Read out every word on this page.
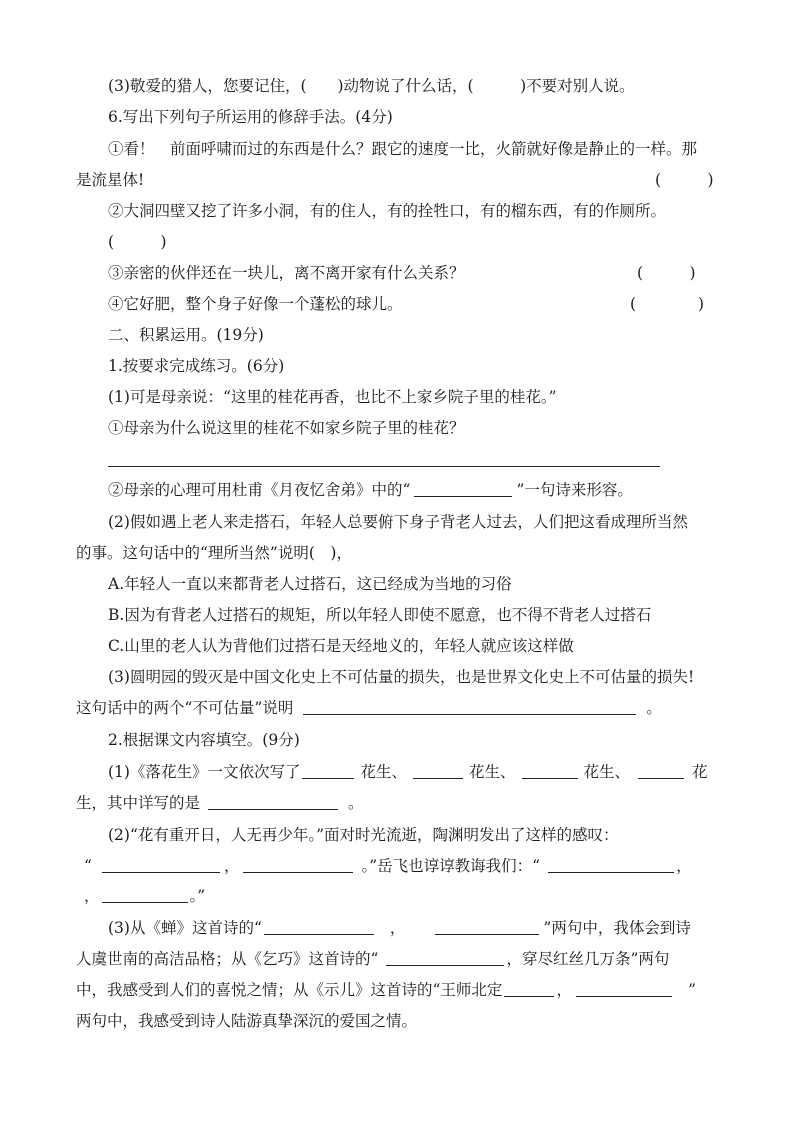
(3)敬爱的猎人，您要记住，(　　)动物说了什么话，(　　　)不要对别人说。
6.写出下列句子所运用的修辞手法。(4分)
①看！　前面呼啸而过的东西是什么？跟它的速度一比，火箭就好像是静止的一样。那
是流星体!	(　　　)
②大洞四壁又挖了许多小洞，有的住人，有的拴牲口，有的榴东西，有的作厕所。
(　　　)
③亲密的伙伴还在一块儿，离不离开家有什么关系？	(　　　)
④它好肥，整个身子好像一个蓬松的球儿。	(　　　　)
二、积累运用。(19分)
1.按要求完成练习。(6分)
(1)可是母亲说：“这里的桂花再香，也比不上家乡院子里的桂花。”
①母亲为什么说这里的桂花不如家乡院子里的桂花？
②母亲的心理可用杜甫《月夜忆舍弟》中的“	”一句诗来形容。
(2)假如遇上老人来走搭石，年轻人总要俯下身子背老人过去，人们把这看成理所当然
的事。这句话中的“理所当然”说明(　)，
A.年轻人一直以来都背老人过搭石，这已经成为当地的习俗
B.因为有背老人过搭石的规矩，所以年轻人即使不愿意，也不得不背老人过搭石
C.山里的老人认为背他们过搭石是天经地义的，年轻人就应该这样做
(3)圆明园的毁灭是中国文化史上不可估量的损失，也是世界文化史上不可估量的损失!
这句话中的两个“不可估量”说明	。
2.根据课文内容填空。(9分)
(1)《落花生》一文依次写了	花生、	花生、	花生、	花
生，其中详写的是	。
(2)“花有重开日，人无再少年。”面对时光流逝，陶渊明发出了这样的感叹：
“	，	。”岳飞也谆谆教诲我们：“	，
，	。”
(3)从《蝉》这首诗的“	，	”两句中，我体会到诗
人虞世南的高洁品格；从《乞巧》这首诗的“	，穿尽红丝几万条”两句
中，我感受到人们的喜悦之情；从《示儿》这首诗的“王师北定	，	”
两句中，我感受到诗人陆游真挚深沉的爱国之情。
